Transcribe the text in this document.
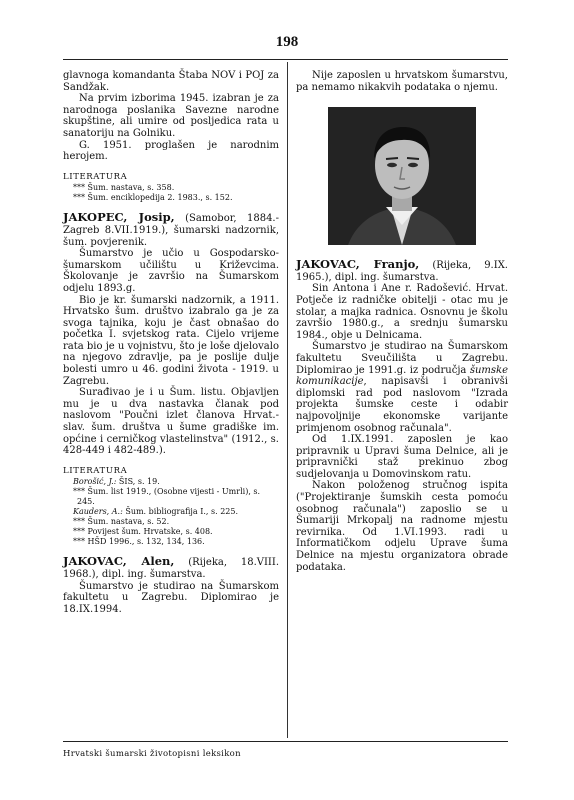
198

glavnoga komandanta Štaba NOV i POJ za Sandžak.

Na prvim izborima 1945. izabran je za narodnoga poslanika Savezne narodne skupštine, ali umire od posljedica rata u sanatoriju na Golniku.

G. 1951. proglašen je narodnim herojem.

LITERATURA
*** Šum. nastava, s. 358.
*** Šum. enciklopedija 2. 1983., s. 152.

JAKOPEC, Josip, (Samobor, 1884.-Zagreb 8.VII.1919.), šumarski nadzornik, šum. povjerenik.

Šumarstvo je učio u Gospodarsko-šumarskom učilištu u Križevcima. Školovanje je završio na Šumarskom odjelu 1893.g.

Bio je kr. šumarski nadzornik, a 1911. Hrvatsko šum. društvo izabralo ga je za svoga tajnika, koju je čast obnašao do početka I. svjetskog rata. Cijelo vrijeme rata bio je u vojnistvu, što je loše djelovalo na njegovo zdravlje, pa je poslije dulje bolesti umro u 46. godini života - 1919. u Zagrebu.

Surađivao je i u Šum. listu. Objavljen mu je u dva nastavka članak pod naslovom "Poučni izlet članova Hrvat.-slav. šum. društva u šume gradiške im. općine i cerničkog vlastelinstva" (1912., s. 428-449 i 482-489.).

LITERATURA
Borošić, J.: ŠIS, s. 19.
*** Šum. list 1919., (Osobne vijesti - Umrli), s. 245.
Kauders, A.: Šum. bibliografija I., s. 225.
*** Šum. nastava, s. 52.
*** Povijest šum. Hrvatske, s. 408.
*** HŠD 1996., s. 132, 134, 136.

JAKOVAC, Alen, (Rijeka, 18.VIII. 1968.), dipl. ing. šumarstva.

Šumarstvo je studirao na Šumarskom fakultetu u Zagrebu. Diplomirao je 18.IX.1994.

Nije zaposlen u hrvatskom šumarstvu, pa nemamo nikakvih podataka o njemu.

JAKOVAC, Franjo, (Rijeka, 9.IX. 1965.), dipl. ing. šumarstva.

Sin Antona i Ane r. Radošević. Hrvat. Potječe iz radničke obitelji - otac mu je stolar, a majka radnica. Osnovnu je školu završio 1980.g., a srednju šumarsku 1984., obje u Delnicama.

Šumarstvo je studirao na Šumarskom fakultetu Sveučilišta u Zagrebu. Diplomirao je 1991.g. iz područja šumske komunikacije, napisavši i obranivši diplomski rad pod naslovom "Izrada projekta šumske ceste i odabir najpovoljnije ekonomske varijante primjenom osobnog računala".

Od 1.IX.1991. zaposlen je kao pripravnik u Upravi šuma Delnice, ali je pripravnički staž prekinuo zbog sudjelovanja u Domovinskom ratu.

Nakon položenog stručnog ispita ("Projektiranje šumskih cesta pomoću osobnog računala") zaposlio se u Šumariji Mrkopalj na radnome mjestu revirnika. Od 1.VI.1993. radi u Informatičkom odjelu Uprave šuma Delnice na mjestu organizatora obrade podataka.

Hrvatski šumarski životopisni leksikon
